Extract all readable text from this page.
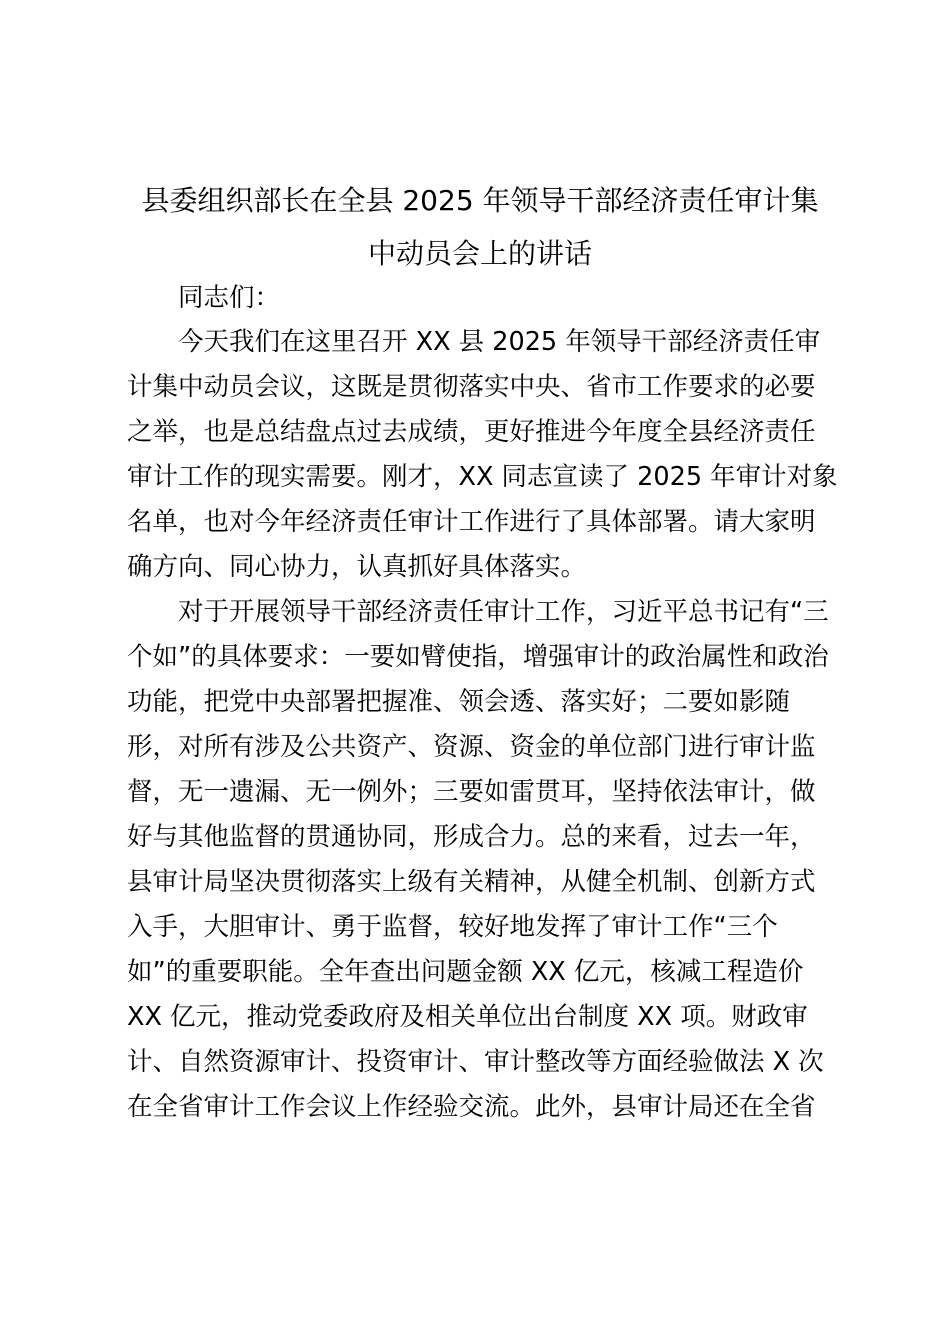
县委组织部长在全县 2025 年领导干部经济责任审计集
中动员会上的讲话

同志们：

今天我们在这里召开 XX 县 2025 年领导干部经济责任审

计集中动员会议，这既是贯彻落实中央、省市工作要求的必要

之举，也是总结盘点过去成绩，更好推进今年度全县经济责任

审计工作的现实需要。刚才，XX 同志宣读了 2025 年审计对象

名单，也对今年经济责任审计工作进行了具体部署。请大家明

确方向、同心协力，认真抓好具体落实。

对于开展领导干部经济责任审计工作，习近平总书记有“三

个如”的具体要求：一要如臂使指，增强审计的政治属性和政治

功能，把党中央部署把握准、领会透、落实好；二要如影随

形，对所有涉及公共资产、资源、资金的单位部门进行审计监

督，无一遗漏、无一例外；三要如雷贯耳，坚持依法审计，做

好与其他监督的贯通协同，形成合力。总的来看，过去一年，

县审计局坚决贯彻落实上级有关精神，从健全机制、创新方式

入手，大胆审计、勇于监督，较好地发挥了审计工作“三个

如”的重要职能。全年查出问题金额 XX 亿元，核减工程造价

XX 亿元，推动党委政府及相关单位出台制度 XX 项。财政审

计、自然资源审计、投资审计、审计整改等方面经验做法 X 次

在全省审计工作会议上作经验交流。此外，县审计局还在全省
